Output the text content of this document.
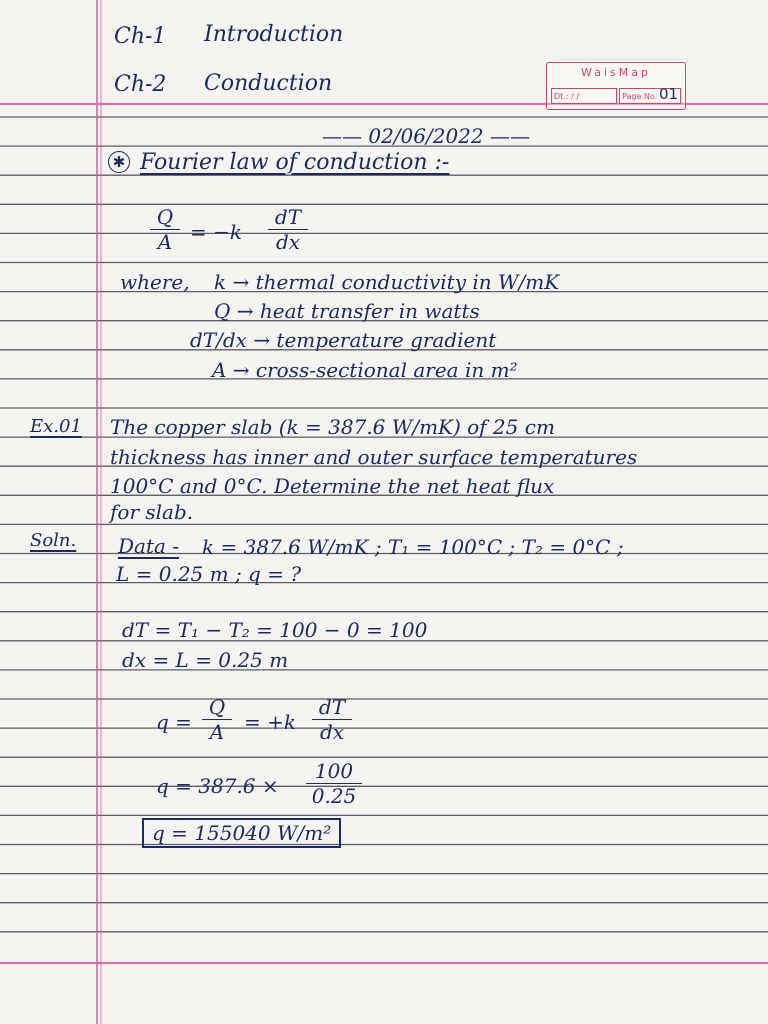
Ch-1 Introduction
Ch-2 Conduction	WaisMap
Dt.: / /	Page No. 01
—— 02/06/2022 ——
✱ Fourier law of conduction :-
Q
A = −k
dT
dx
where, k → thermal conductivity in W/mK
Q → heat transfer in watts
dT/dx → temperature gradient
A → cross-sectional area in m²
Ex.01 The copper slab (k = 387.6 W/mK) of 25 cm
thickness has inner and outer surface temperatures
100°C and 0°C. Determine the net heat flux
for slab.
Soln. Data - k = 387.6 W/mK ; T₁ = 100°C ; T₂ = 0°C ;
L = 0.25 m ; q = ?
dT = T₁ − T₂ = 100 − 0 = 100
dx = L = 0.25 m
q =
Q
A = +k
dT
dx
q = 387.6 ×
100
0.25
q = 155040 W/m²
